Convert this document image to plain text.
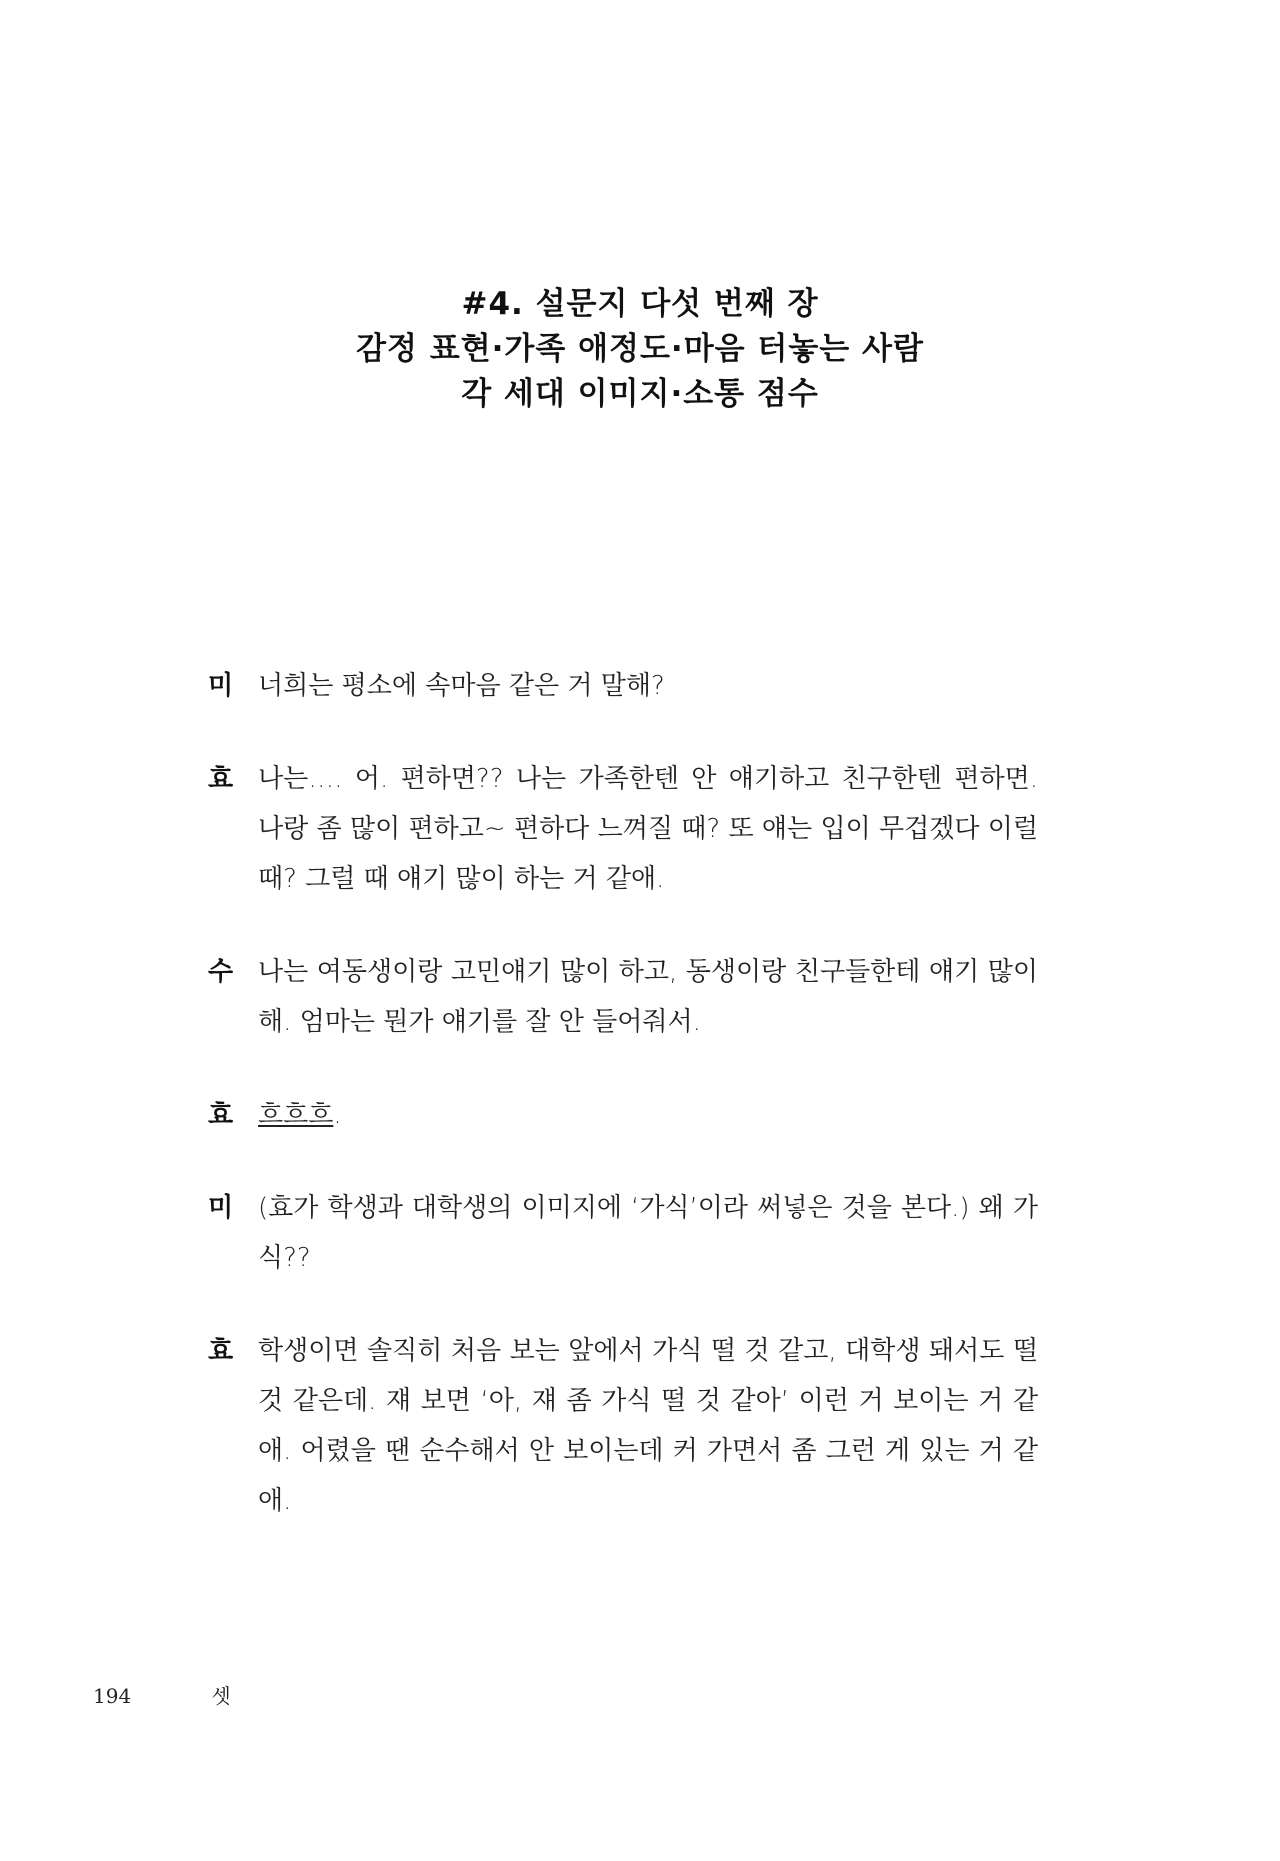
#4. 설문지 다섯 번째 장
감정 표현·가족 애정도·마음 터놓는 사람
각 세대 이미지·소통 점수
미 너희는 평소에 속마음 같은 거 말해?
효 나는…. 어. 편하면?? 나는 가족한텐 안 얘기하고 친구한텐 편하면. 나랑 좀 많이 편하고~ 편하다 느껴질 때? 또 얘는 입이 무겁겠다 이럴 때? 그럴 때 얘기 많이 하는 거 같애.
수 나는 여동생이랑 고민얘기 많이 하고, 동생이랑 친구들한테 얘기 많이 해. 엄마는 뭔가 얘기를 잘 안 들어줘서.
효 흐흐흐.
미 (효가 학생과 대학생의 이미지에 ‘가식’이라 써넣은 것을 본다.) 왜 가식??
효 학생이면 솔직히 처음 보는 앞에서 가식 떨 것 같고, 대학생 돼서도 떨 것 같은데. 쟤 보면 ‘아, 쟤 좀 가식 떨 것 같아’ 이런 거 보이는 거 같애. 어렸을 땐 순수해서 안 보이는데 커 가면서 좀 그런 게 있는 거 같애.
194	셋
